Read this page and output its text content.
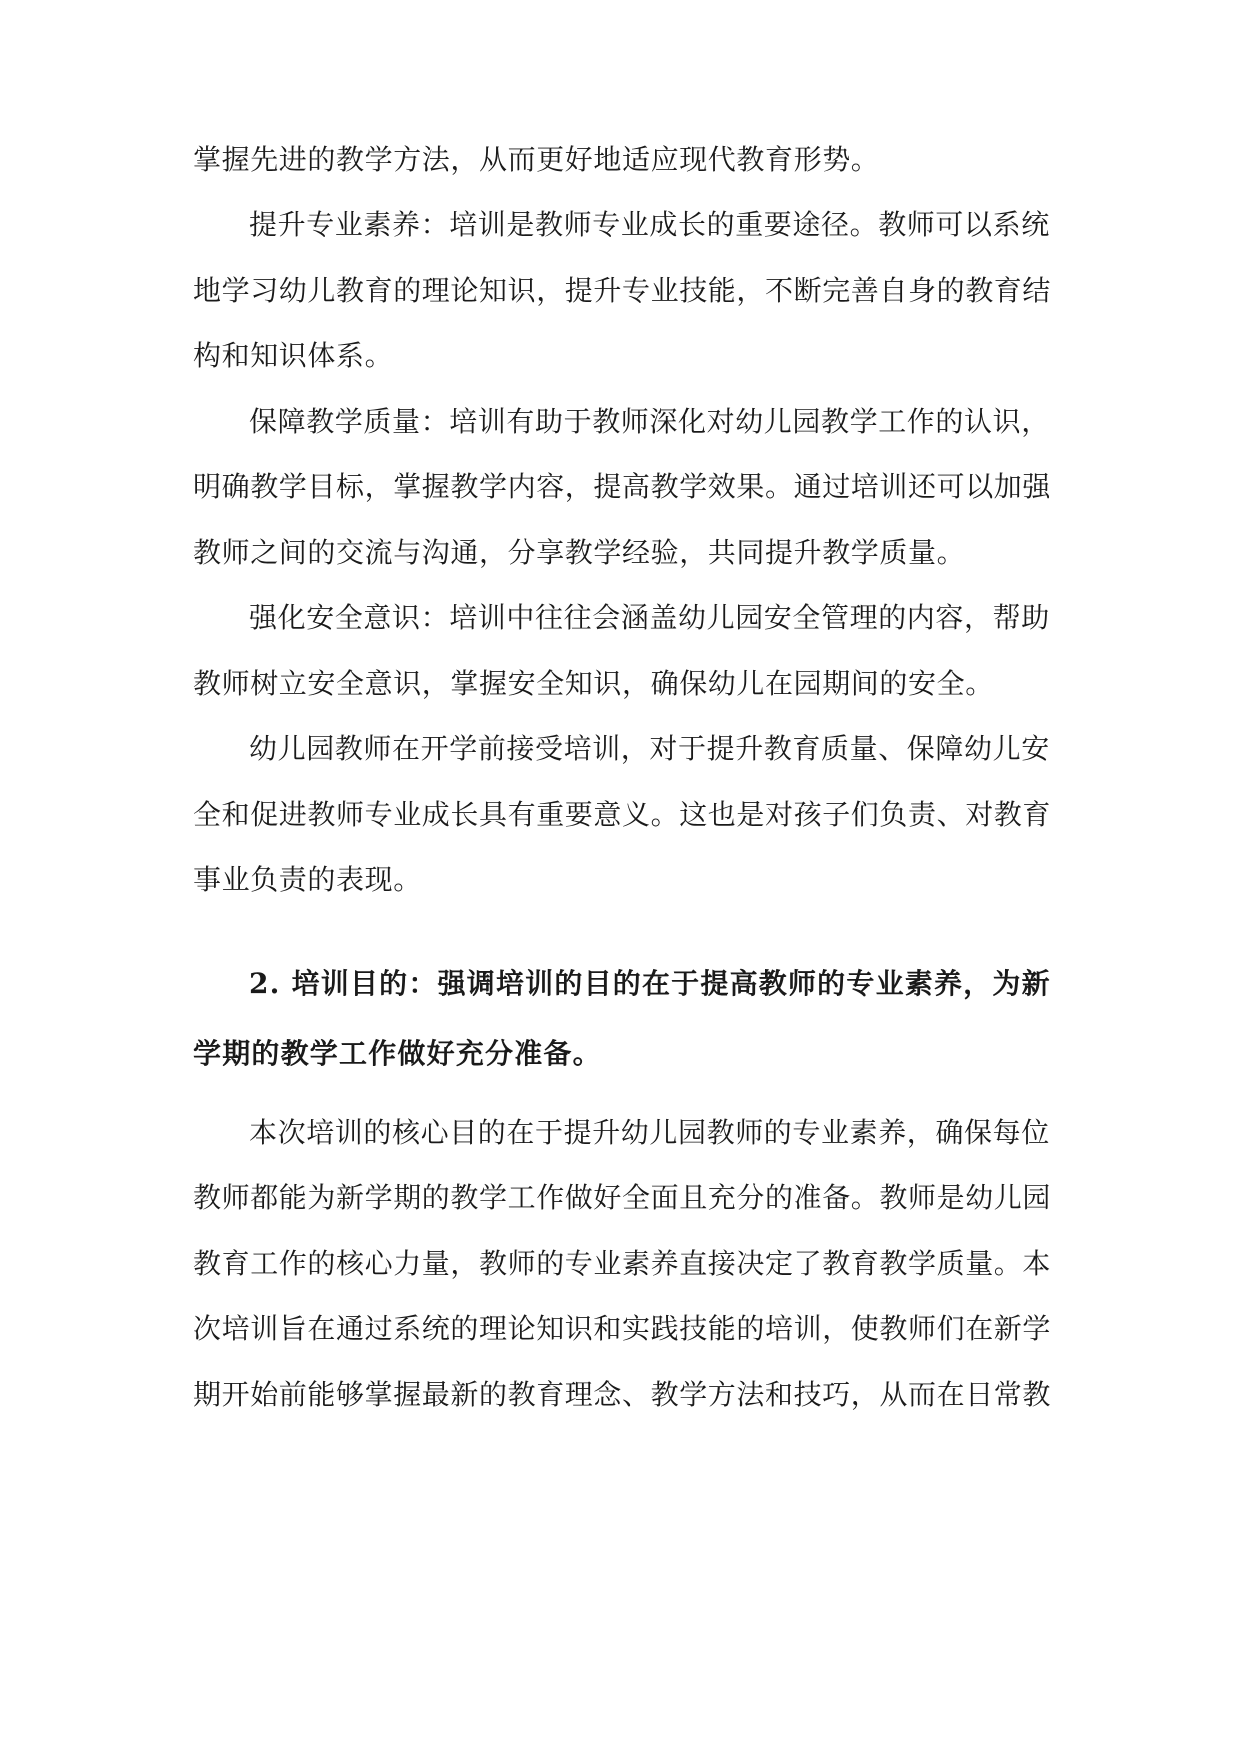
掌握先进的教学方法，从而更好地适应现代教育形势。
提升专业素养：培训是教师专业成长的重要途径。教师可以系统
地学习幼儿教育的理论知识，提升专业技能，不断完善自身的教育结
构和知识体系。
保障教学质量：培训有助于教师深化对幼儿园教学工作的认识，
明确教学目标，掌握教学内容，提高教学效果。通过培训还可以加强
教师之间的交流与沟通，分享教学经验，共同提升教学质量。
强化安全意识：培训中往往会涵盖幼儿园安全管理的内容，帮助
教师树立安全意识，掌握安全知识，确保幼儿在园期间的安全。
幼儿园教师在开学前接受培训，对于提升教育质量、保障幼儿安
全和促进教师专业成长具有重要意义。这也是对孩子们负责、对教育
事业负责的表现。
2. 培训目的：强调培训的目的在于提高教师的专业素养，为新
学期的教学工作做好充分准备。
本次培训的核心目的在于提升幼儿园教师的专业素养，确保每位
教师都能为新学期的教学工作做好全面且充分的准备。教师是幼儿园
教育工作的核心力量，教师的专业素养直接决定了教育教学质量。本
次培训旨在通过系统的理论知识和实践技能的培训，使教师们在新学
期开始前能够掌握最新的教育理念、教学方法和技巧，从而在日常教
